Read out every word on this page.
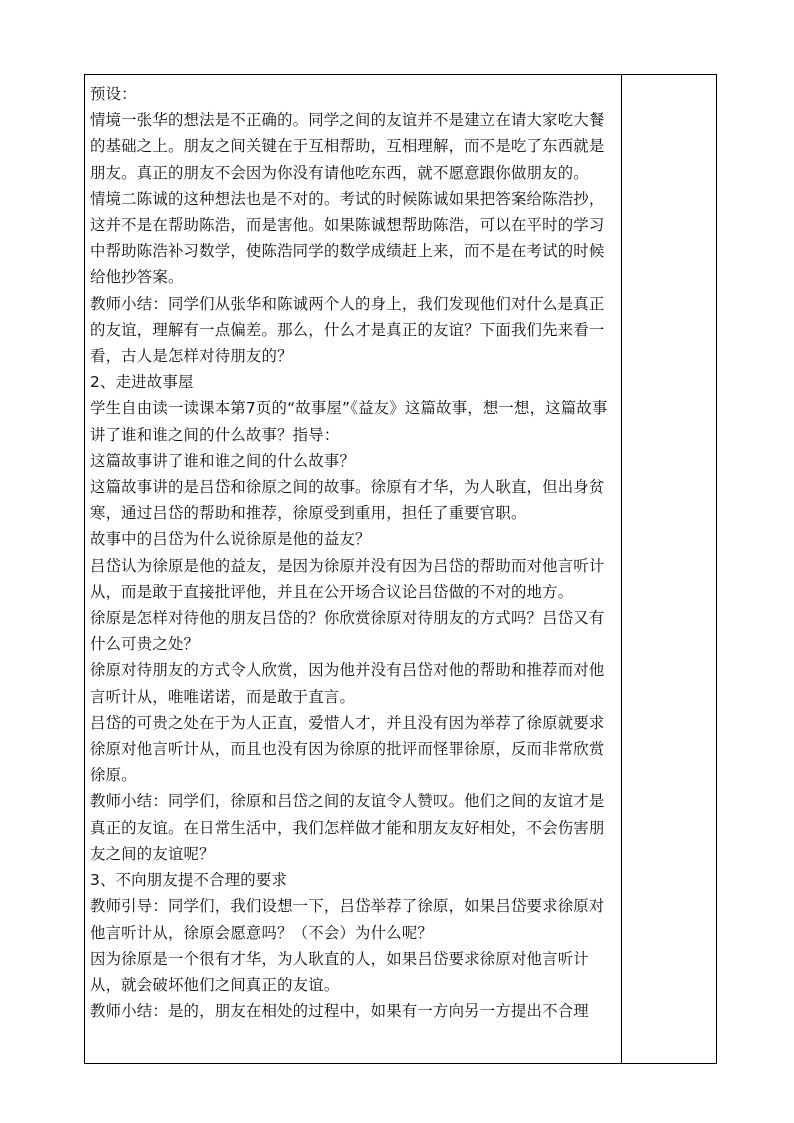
预设：

情境一张华的想法是不正确的。同学之间的友谊并不是建立在请大家吃大餐的基础之上。朋友之间关键在于互相帮助，互相理解，而不是吃了东西就是朋友。真正的朋友不会因为你没有请他吃东西，就不愿意跟你做朋友的。

情境二陈诚的这种想法也是不对的。考试的时候陈诚如果把答案给陈浩抄，这并不是在帮助陈浩，而是害他。如果陈诚想帮助陈浩，可以在平时的学习中帮助陈浩补习数学，使陈浩同学的数学成绩赶上来，而不是在考试的时候给他抄答案。

教师小结：同学们从张华和陈诚两个人的身上，我们发现他们对什么是真正的友谊，理解有一点偏差。那么，什么才是真正的友谊？下面我们先来看一看，古人是怎样对待朋友的？

2、走进故事屋

学生自由读一读课本第7页的“故事屋”《益友》这篇故事，想一想，这篇故事讲了谁和谁之间的什么故事？指导：

这篇故事讲了谁和谁之间的什么故事？

这篇故事讲的是吕岱和徐原之间的故事。徐原有才华，为人耿直，但出身贫寒，通过吕岱的帮助和推荐，徐原受到重用，担任了重要官职。

故事中的吕岱为什么说徐原是他的益友？

吕岱认为徐原是他的益友，是因为徐原并没有因为吕岱的帮助而对他言听计从，而是敢于直接批评他，并且在公开场合议论吕岱做的不对的地方。

徐原是怎样对待他的朋友吕岱的？你欣赏徐原对待朋友的方式吗？吕岱又有什么可贵之处？

徐原对待朋友的方式令人欣赏，因为他并没有吕岱对他的帮助和推荐而对他言听计从，唯唯诺诺，而是敢于直言。

吕岱的可贵之处在于为人正直，爱惜人才，并且没有因为举荐了徐原就要求徐原对他言听计从，而且也没有因为徐原的批评而怪罪徐原，反而非常欣赏徐原。

教师小结：同学们，徐原和吕岱之间的友谊令人赞叹。他们之间的友谊才是真正的友谊。在日常生活中，我们怎样做才能和朋友友好相处，不会伤害朋友之间的友谊呢？

3、不向朋友提不合理的要求

教师引导：同学们，我们设想一下，吕岱举荐了徐原，如果吕岱要求徐原对他言听计从，徐原会愿意吗？（不会）为什么呢？

因为徐原是一个很有才华，为人耿直的人，如果吕岱要求徐原对他言听计从，就会破坏他们之间真正的友谊。

教师小结：是的，朋友在相处的过程中，如果有一方向另一方提出不合理
